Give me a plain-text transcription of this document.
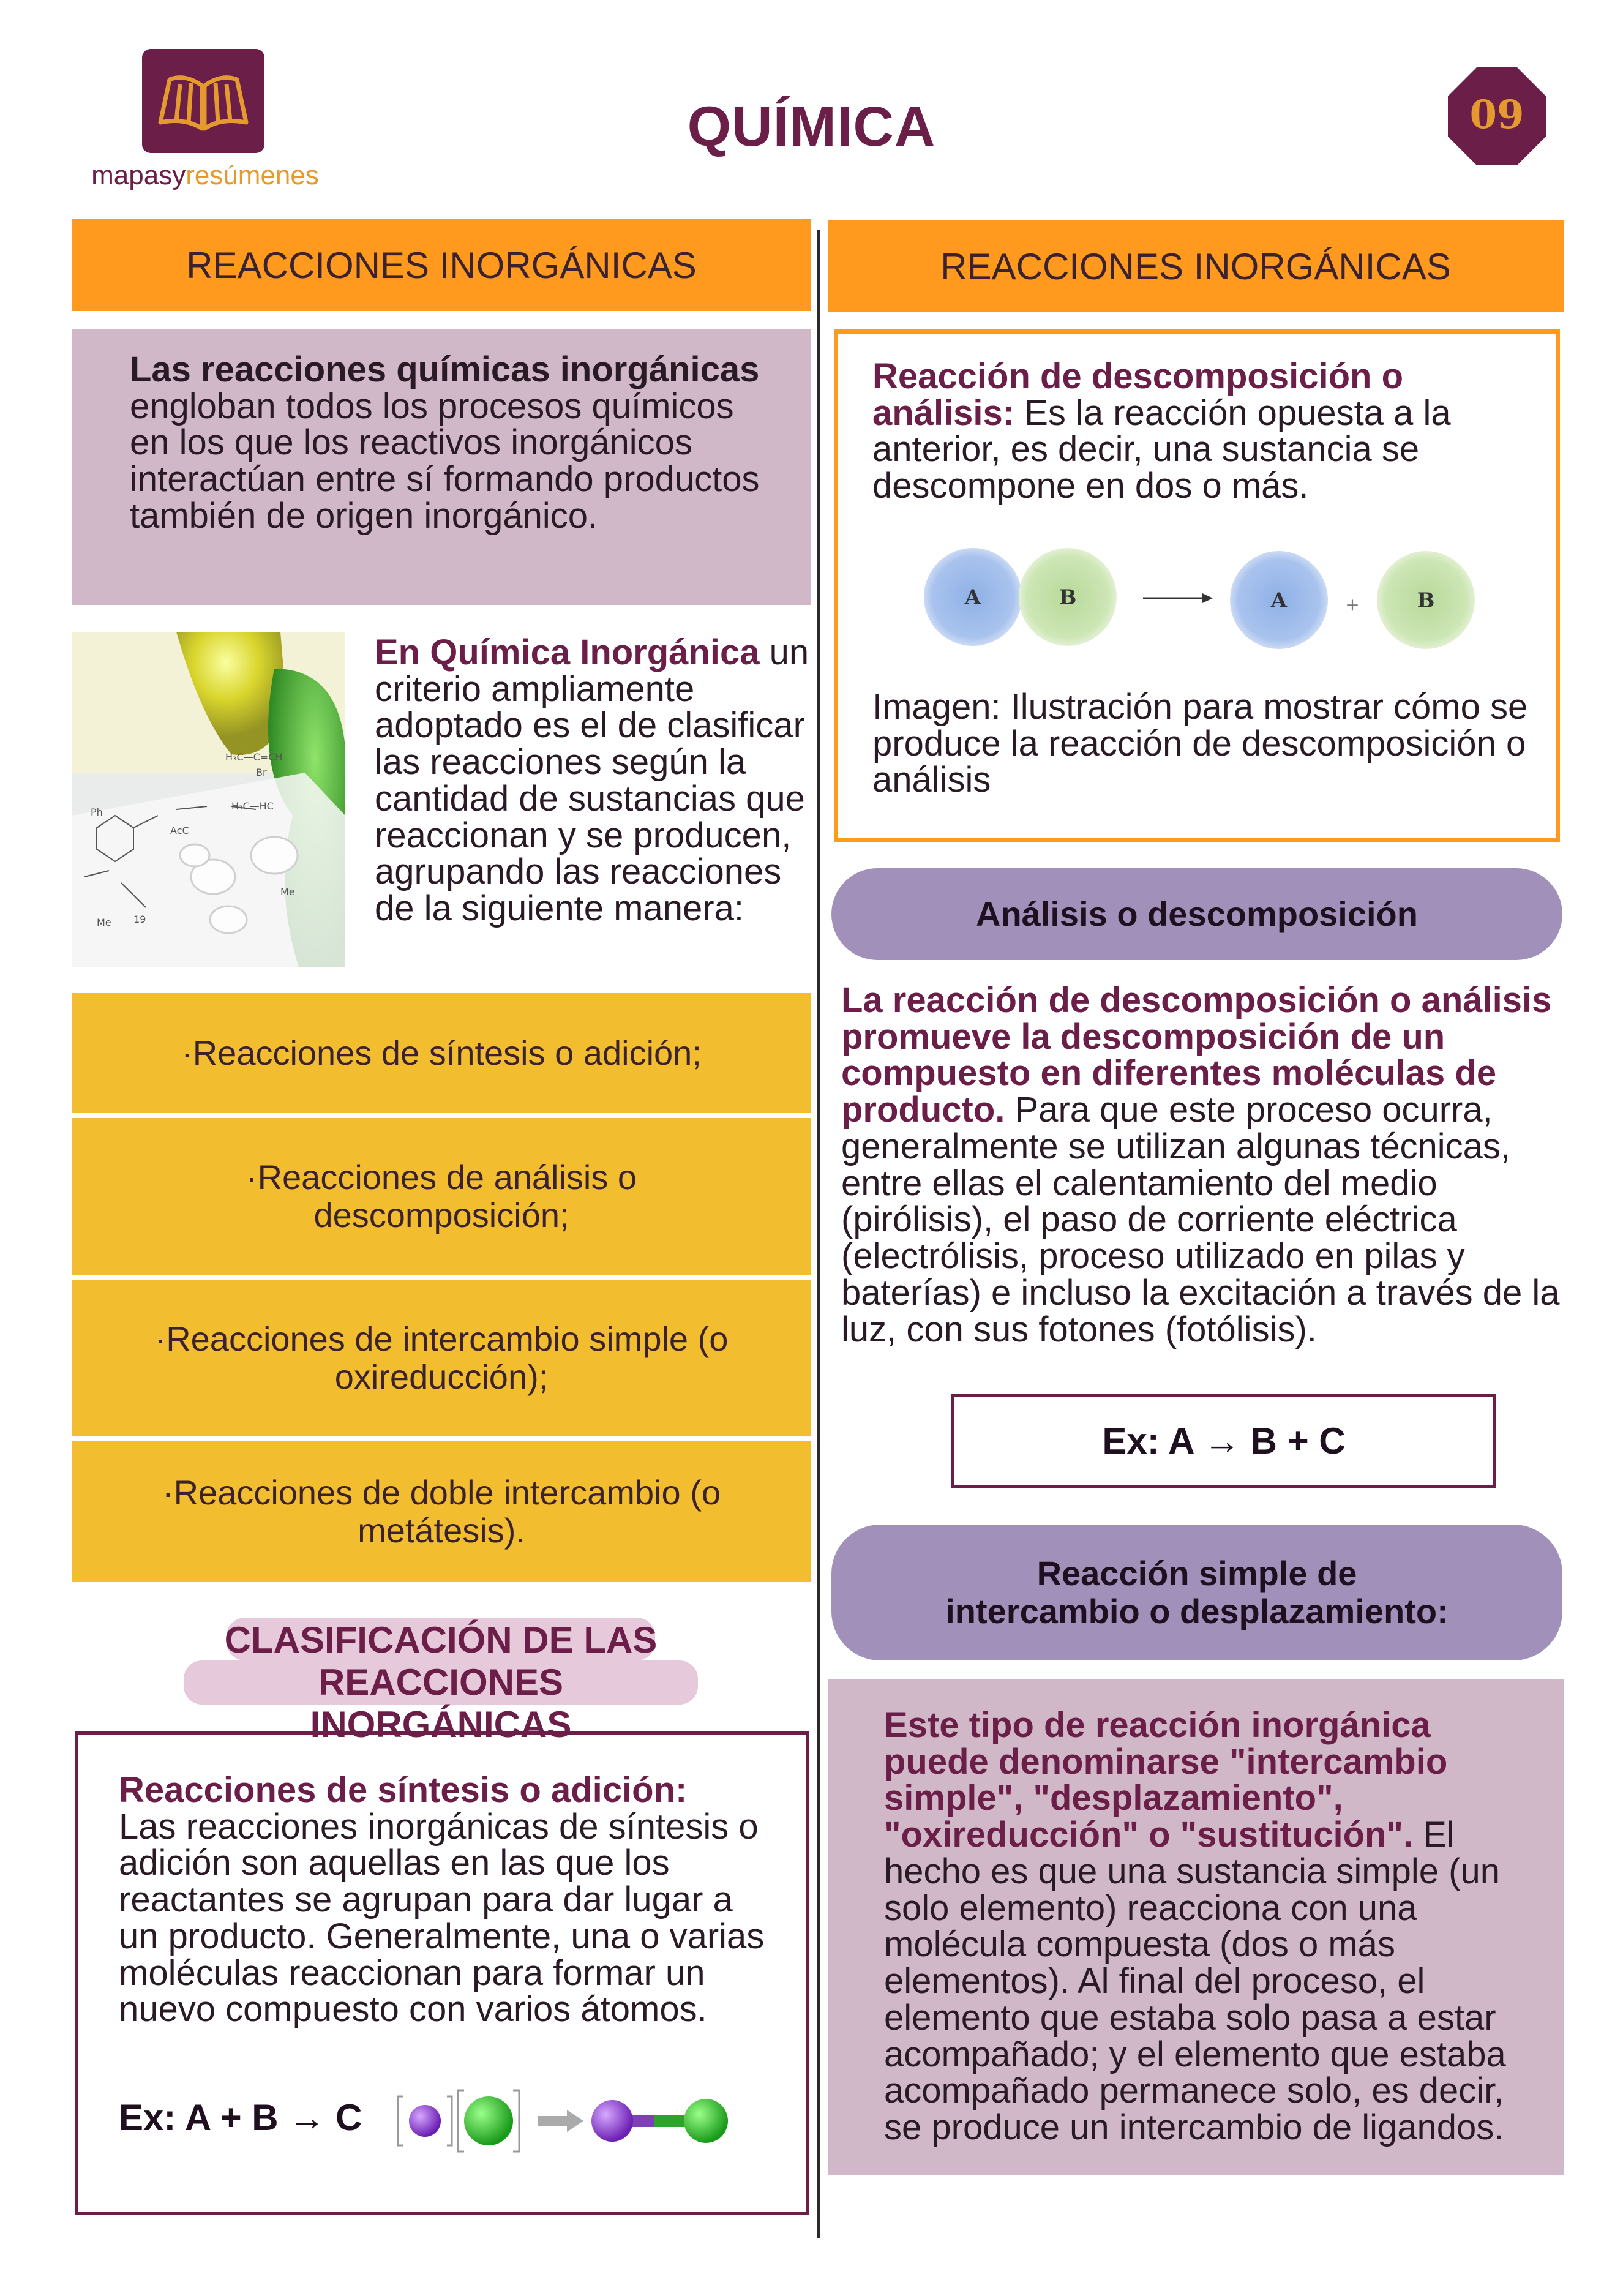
mapasyresúmenes
QUÍMICA	09
REACCIONES INORGÁNICAS
Las reacciones químicas inorgánicas engloban todos los procesos químicos en los que los reactivos inorgánicos interactúan entre sí formando productos también de origen inorgánico.
H₃C—C=CH
Br
H₃C—HC
Ph
AcC
19
Me
Me
En Química Inorgánica un criterio ampliamente adoptado es el de clasificar las reacciones según la cantidad de sustancias que reaccionan y se producen, agrupando las reacciones de la siguiente manera:
·Reacciones de síntesis o adición;
·Reacciones de análisis o descomposición;
·Reacciones de intercambio simple (o oxireducción);
·Reacciones de doble intercambio (o metátesis).
CLASIFICACIÓN DE LAS
REACCIONES INORGÁNICAS
Reacciones de síntesis o adición:
Las reacciones inorgánicas de síntesis o adición son aquellas en las que los reactantes se agrupan para dar lugar a un producto. Generalmente, una o varias moléculas reaccionan para formar un nuevo compuesto con varios átomos.
Ex: A + B → C
REACCIONES INORGÁNICAS
Reacción de descomposición o análisis: Es la reacción opuesta a la anterior, es decir, una sustancia se descompone en dos o más.
A	B	A	+	B
Imagen: Ilustración para mostrar cómo se produce la reacción de descomposición o análisis
Análisis o descomposición
La reacción de descomposición o análisis promueve la descomposición de un compuesto en diferentes moléculas de producto. Para que este proceso ocurra, generalmente se utilizan algunas técnicas, entre ellas el calentamiento del medio (pirólisis), el paso de corriente eléctrica (electrólisis, proceso utilizado en pilas y baterías) e incluso la excitación a través de la luz, con sus fotones (fotólisis).
Ex: A → B + C
Reacción simple de
intercambio o desplazamiento:
Este tipo de reacción inorgánica puede denominarse "intercambio simple", "desplazamiento", "oxireducción" o "sustitución". El hecho es que una sustancia simple (un solo elemento) reacciona con una molécula compuesta (dos o más elementos). Al final del proceso, el elemento que estaba solo pasa a estar acompañado; y el elemento que estaba acompañado permanece solo, es decir, se produce un intercambio de ligandos.
